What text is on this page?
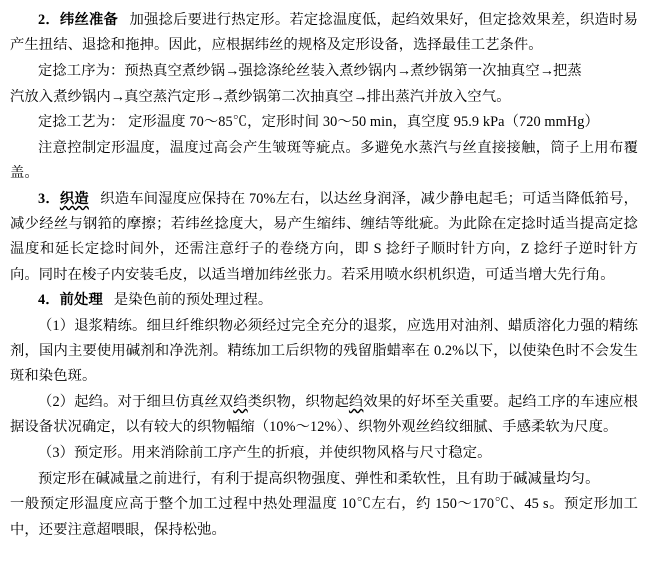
2．纬丝准备 加强捻后要进行热定形。若定捻温度低，起绉效果好，但定捻效果差，织造时易产生扭结、退捻和拖抻。因此，应根据纬丝的规格及定形设备，选择最佳工艺条件。

定捻工序为：预热真空煮纱锅→强捻涤纶丝装入煮纱锅内→煮纱锅第一次抽真空→把蒸

汽放入煮纱锅内→真空蒸汽定形→煮纱锅第二次抽真空→排出蒸汽并放入空气。

定捻工艺为： 定形温度 70～85℃，定形时间 30～50 min，真空度 95.9 kPa（720 mmHg）

注意控制定形温度，温度过高会产生皱斑等疵点。多避免水蒸汽与丝直接接触，筒子上用布覆盖。

3．织造 织造车间湿度应保持在 70%左右，以达丝身润泽，减少静电起毛；可适当降低筘号，减少经丝与钢筘的摩擦；若纬丝捻度大，易产生缩纬、缠结等纰疵。为此除在定捻时适当提高定捻温度和延长定捻时间外，还需注意纡子的卷绕方向，即 S 捻纡子顺时针方向，Z 捻纡子逆时针方向。同时在梭子内安装毛皮，以适当增加纬丝张力。若采用喷水织机织造，可适当增大先行角。

4．前处理 是染色前的预处理过程。

（1）退浆精练。细旦纤维织物必须经过完全充分的退浆，应选用对油剂、蜡质溶化力强的精练剂，国内主要使用碱剂和净洗剂。精练加工后织物的残留脂蜡率在 0.2%以下，以使染色时不会发生斑和染色斑。

（2）起绉。对于细旦仿真丝双绉类织物，织物起绉效果的好坏至关重要。起绉工序的车速应根据设备状况确定，以有较大的织物幅缩（10%～12%）、织物外观丝绉纹细腻、手感柔软为尺度。

（3）预定形。用来消除前工序产生的折痕，并使织物风格与尺寸稳定。

预定形在碱减量之前进行，有利于提高织物强度、弹性和柔软性，且有助于碱减量均匀。

一般预定形温度应高于整个加工过程中热处理温度 10℃左右，约 150～170℃、45 s。预定形加工中，还要注意超喂眼，保持松弛。
